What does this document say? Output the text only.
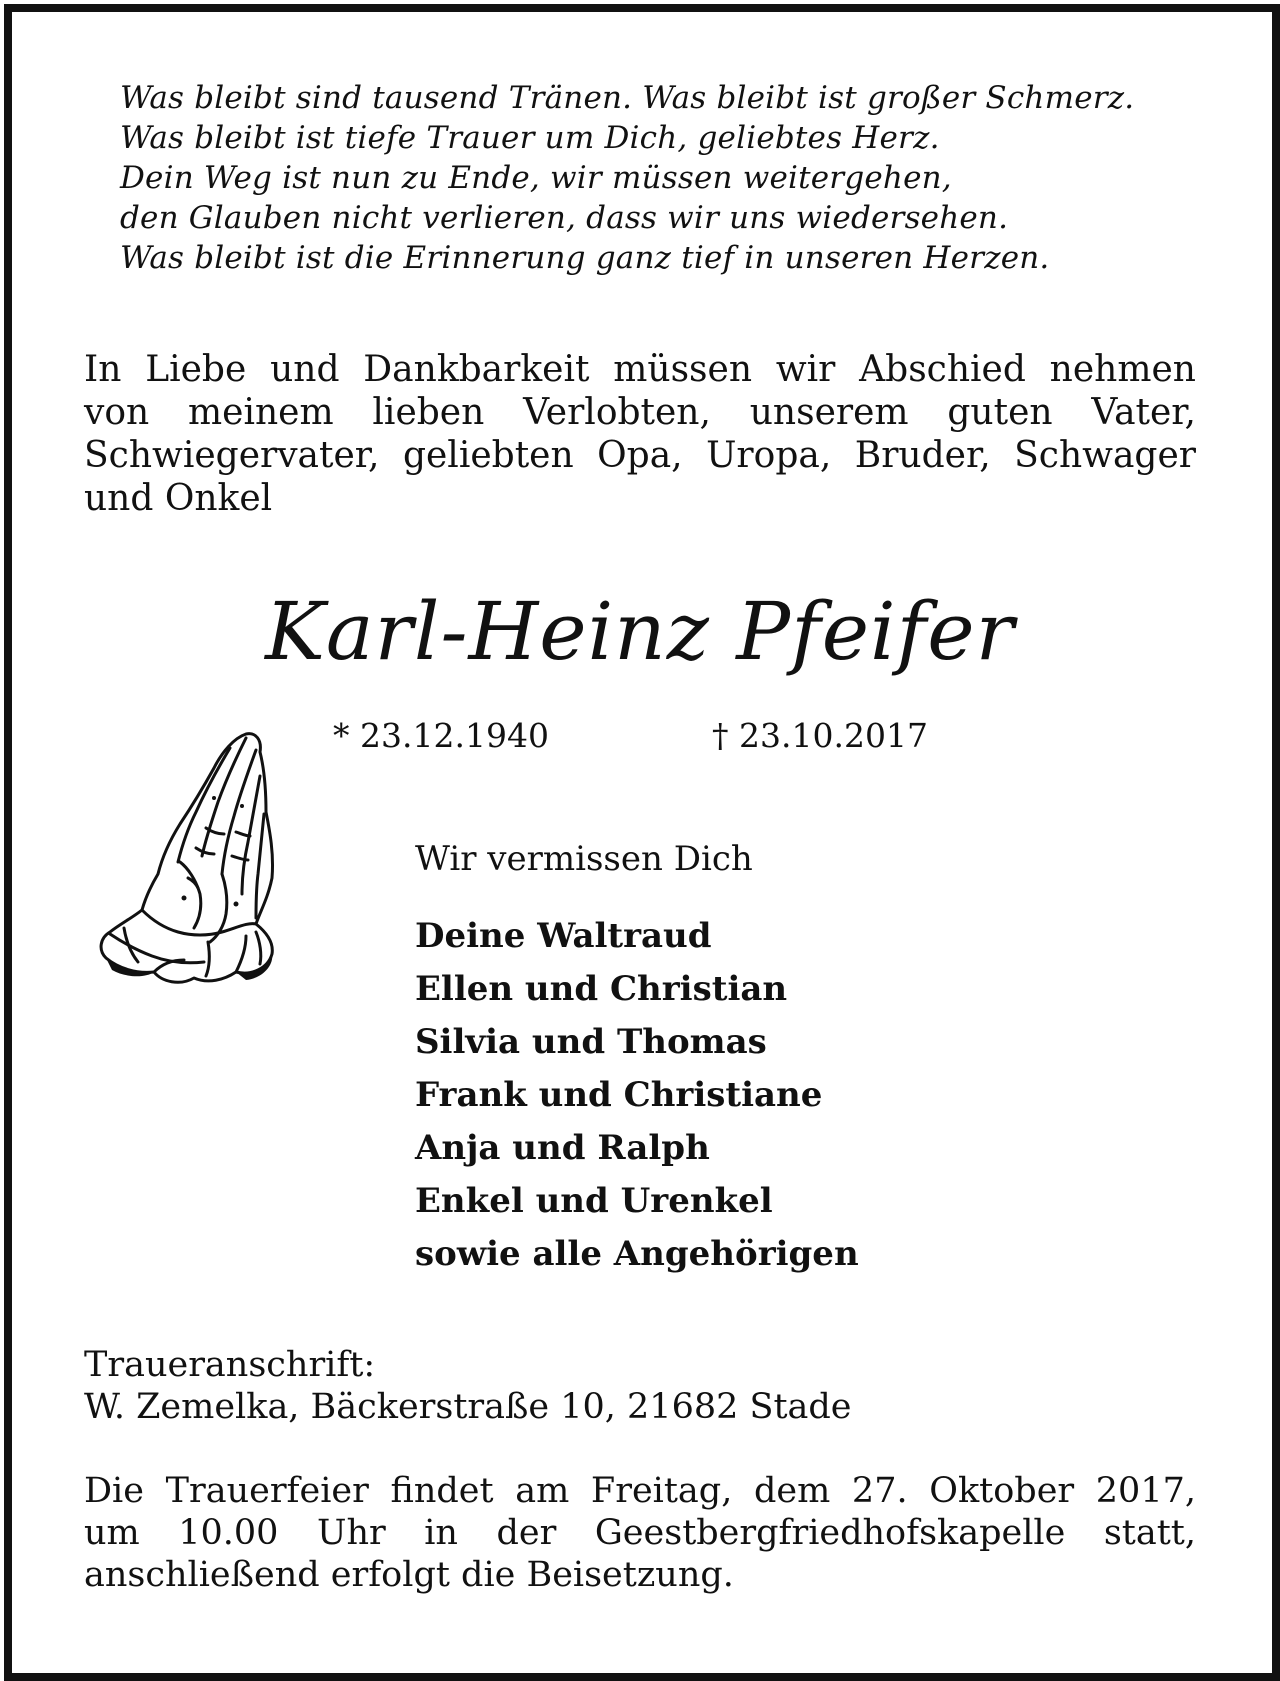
Was bleibt sind tausend Tränen. Was bleibt ist großer Schmerz.
Was bleibt ist tiefe Trauer um Dich, geliebtes Herz.
Dein Weg ist nun zu Ende, wir müssen weitergehen,
den Glauben nicht verlieren, dass wir uns wiedersehen.
Was bleibt ist die Erinnerung ganz tief in unseren Herzen.
In Liebe und Dankbarkeit müssen wir Abschied nehmen
von meinem lieben Verlobten, unserem guten Vater,
Schwiegervater, geliebten Opa, Uropa, Bruder, Schwager
und Onkel
Karl-Heinz Pfeifer
* 23.12.1940	† 23.10.2017
Wir vermissen Dich
Deine Waltraud
Ellen und Christian
Silvia und Thomas
Frank und Christiane
Anja und Ralph
Enkel und Urenkel
sowie alle Angehörigen
Traueranschrift:
W. Zemelka, Bäckerstraße 10, 21682 Stade
Die Trauerfeier findet am Freitag, dem 27. Oktober 2017,
um 10.00 Uhr in der Geestbergfriedhofskapelle statt,
anschließend erfolgt die Beisetzung.
